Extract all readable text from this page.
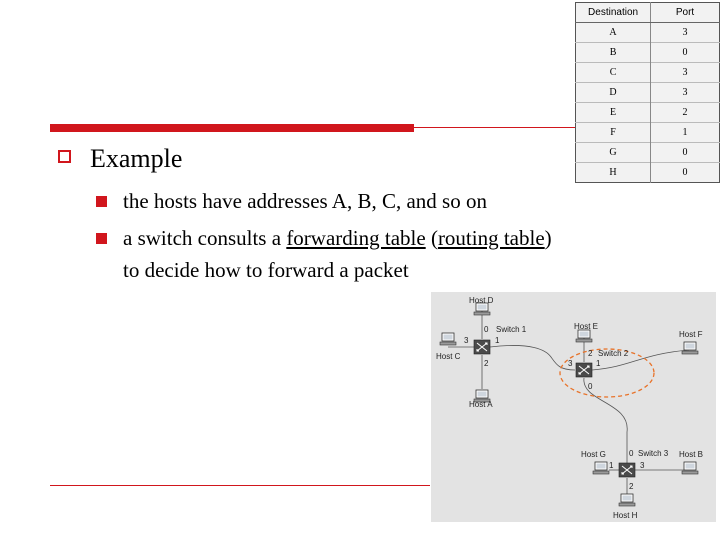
Example
the hosts have addresses A, B, C, and so on
a switch consults a forwarding table (routing table)
to decide how to forward a packet
Destination	Port
A	3
B	0
C	3
D	3
E	2
F	1
G	0
H	0
Host D
Host C
Host A
Host E
Host F
Host G	Host B
Host H
Switch 1
Switch 2
Switch 3
0
1
2
3
2
3	1
0
0
1
2
3
